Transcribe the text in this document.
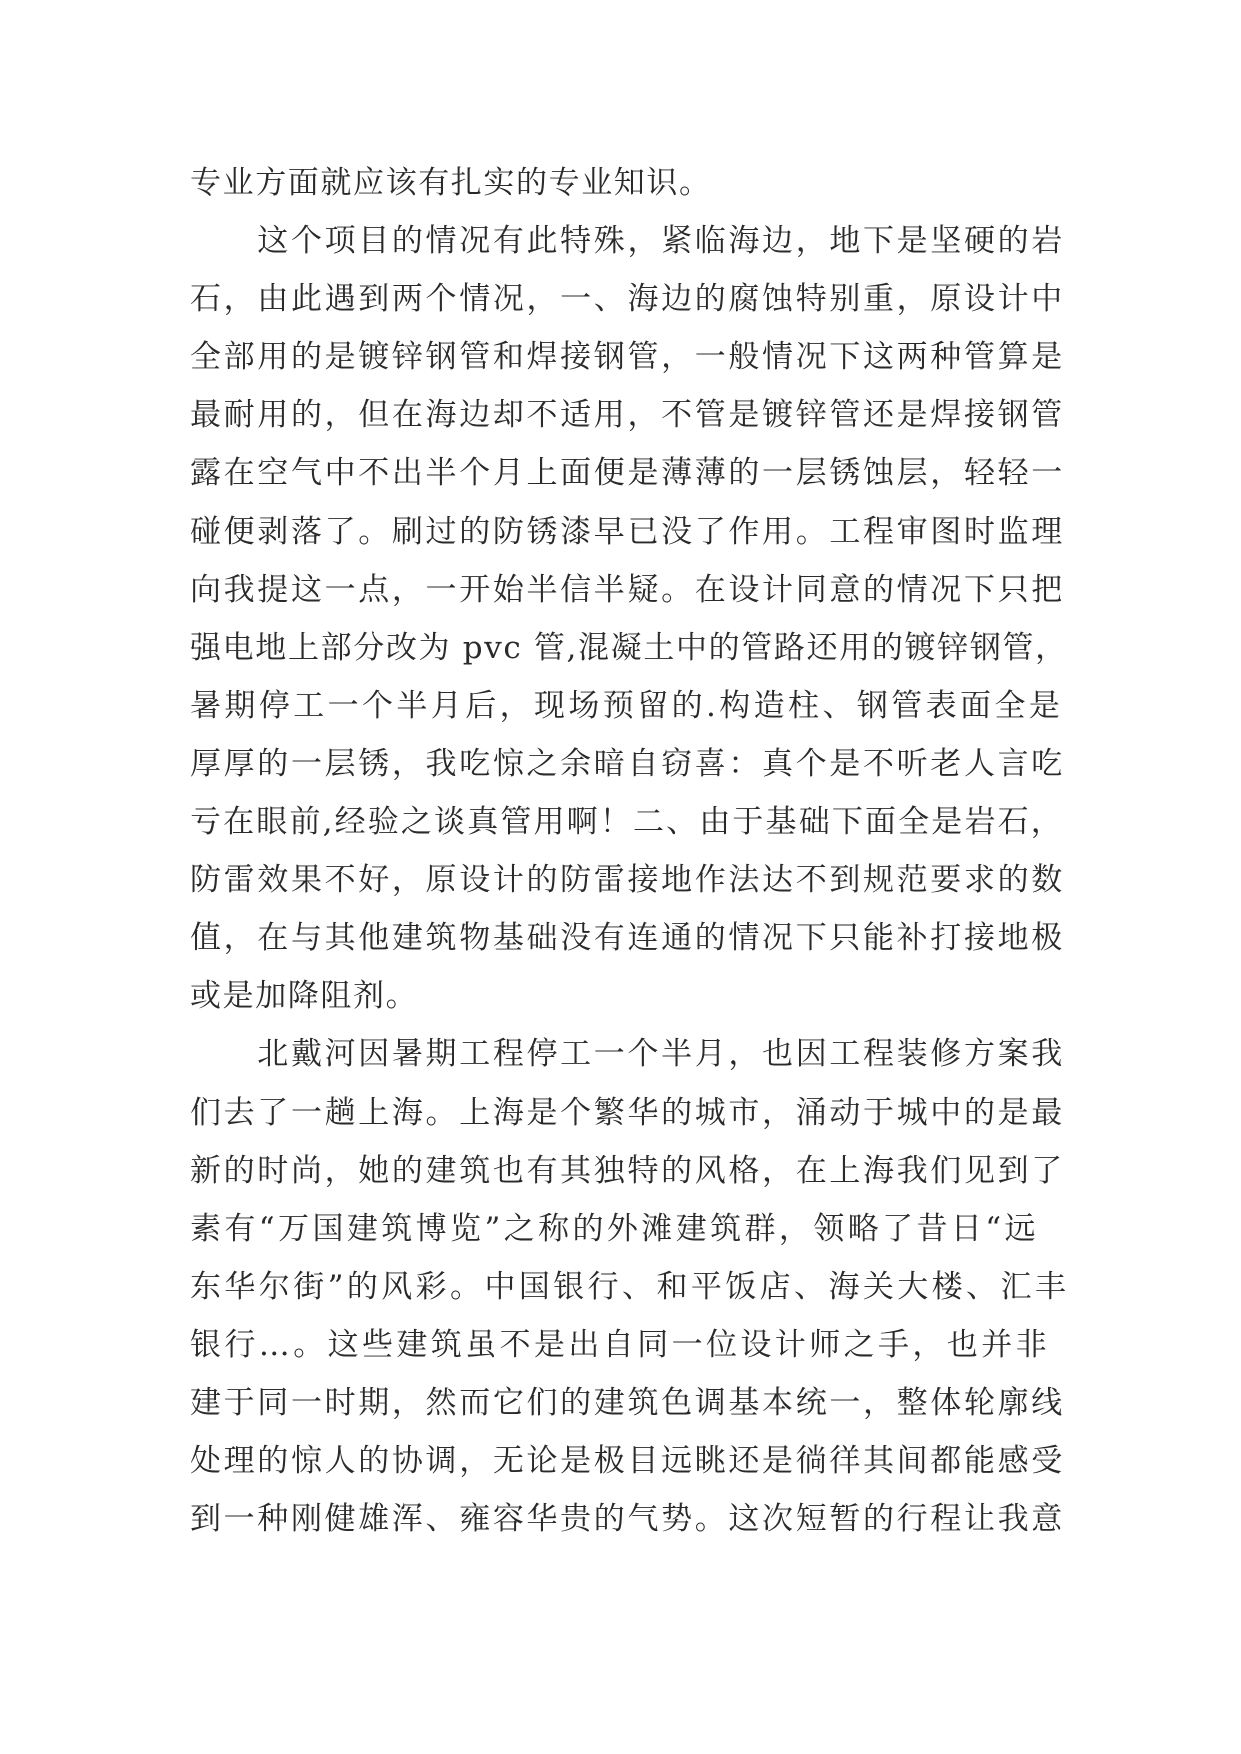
专业方面就应该有扎实的专业知识。
　　这个项目的情况有此特殊，紧临海边，地下是坚硬的岩
石，由此遇到两个情况，一、海边的腐蚀特别重，原设计中
全部用的是镀锌钢管和焊接钢管，一般情况下这两种管算是
最耐用的，但在海边却不适用，不管是镀锌管还是焊接钢管
露在空气中不出半个月上面便是薄薄的一层锈蚀层，轻轻一
碰便剥落了。刷过的防锈漆早已没了作用。工程审图时监理
向我提这一点，一开始半信半疑。在设计同意的情况下只把
强电地上部分改为 pvc 管,混凝土中的管路还用的镀锌钢管，
暑期停工一个半月后，现场预留的.构造柱、钢管表面全是
厚厚的一层锈，我吃惊之余暗自窃喜：真个是不听老人言吃
亏在眼前,经验之谈真管用啊！二、由于基础下面全是岩石，
防雷效果不好，原设计的防雷接地作法达不到规范要求的数
值，在与其他建筑物基础没有连通的情况下只能补打接地极
或是加降阻剂。
　　北戴河因暑期工程停工一个半月，也因工程装修方案我
们去了一趟上海。上海是个繁华的城市，涌动于城中的是最
新的时尚，她的建筑也有其独特的风格，在上海我们见到了
素有“万国建筑博览”之称的外滩建筑群，领略了昔日“远
东华尔街”的风彩。中国银行、和平饭店、海关大楼、汇丰
银行…。这些建筑虽不是出自同一位设计师之手，也并非
建于同一时期，然而它们的建筑色调基本统一，整体轮廓线
处理的惊人的协调，无论是极目远眺还是徜徉其间都能感受
到一种刚健雄浑、雍容华贵的气势。这次短暂的行程让我意
